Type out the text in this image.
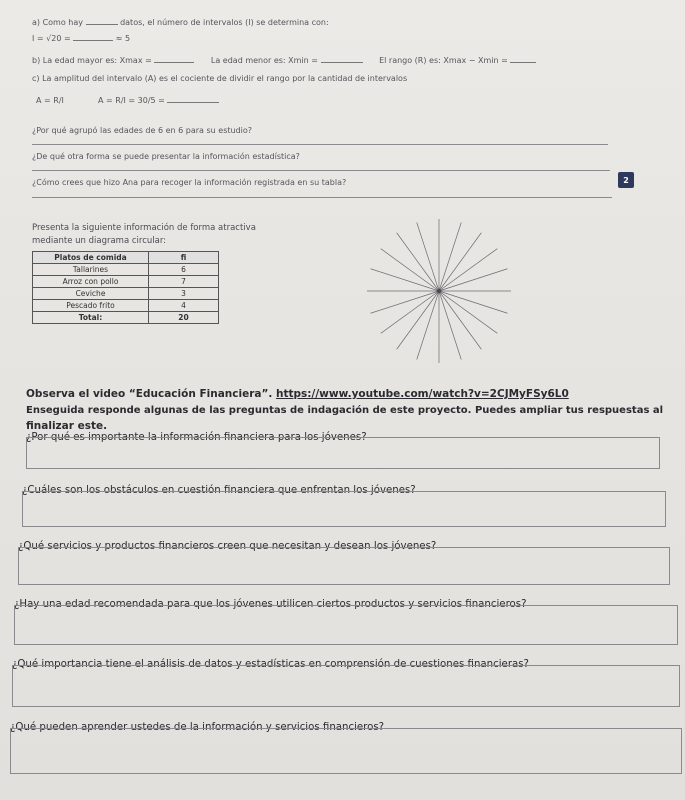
a) Como hay	datos, el número de intervalos (I) se determina con:
I = √20 =	≈ 5
b) La edad mayor es: Xmax =	La edad menor es: Xmin =	El rango (R) es: Xmax − Xmin =
c) La amplitud del intervalo (A) es el cociente de dividir el rango por la cantidad de intervalos
A = R/I	A = R/I = 30/5 =
¿Por qué agrupó las edades de 6 en 6 para su estudio?
¿De qué otra forma se puede presentar la información estadística?
¿Cómo crees que hizo Ana para recoger la información registrada en su tabla?	2
Presenta la siguiente información de forma atractiva
mediante un diagrama circular:
Platos de comida	fi
Tallarines	6
Arroz con pollo	7
Ceviche	3
Pescado frito	4
Total:	20
Observa el video “Educación Financiera”. https://www.youtube.com/watch?v=2CJMyFSy6L0
Enseguida responde algunas de las preguntas de indagación de este proyecto. Puedes ampliar tus respuestas al
finalizar este.
¿Por qué es importante la información financiera para los jóvenes?
¿Cuáles son los obstáculos en cuestión financiera que enfrentan los jóvenes?
¿Qué servicios y productos financieros creen que necesitan y desean los jóvenes?
¿Hay una edad recomendada para que los jóvenes utilicen ciertos productos y servicios financieros?
¿Qué importancia tiene el análisis de datos y estadísticas en comprensión de cuestiones financieras?
¿Qué pueden aprender ustedes de la información y servicios financieros?
